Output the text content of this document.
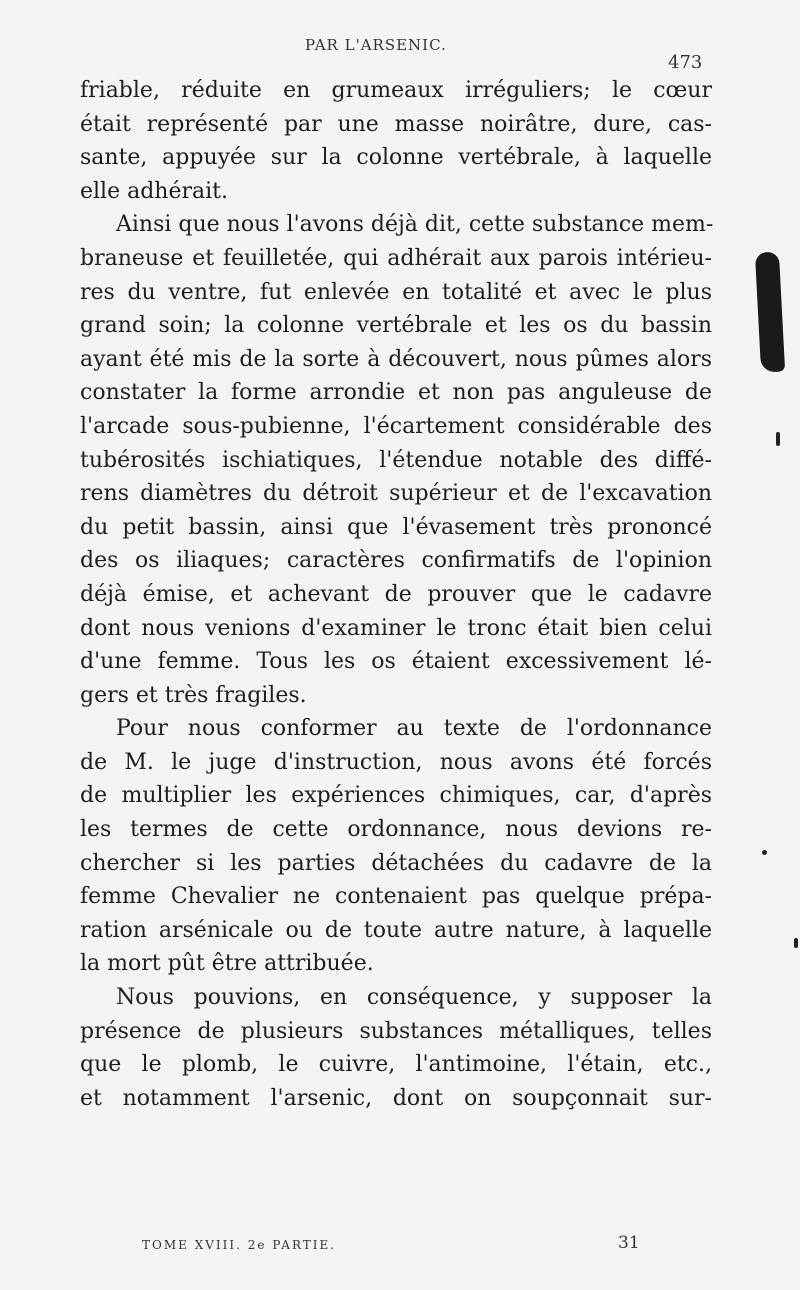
PAR L'ARSENIC.
473
friable, réduite en grumeaux irréguliers; le cœur
était représenté par une masse noirâtre, dure, cas-
sante, appuyée sur la colonne vertébrale, à laquelle
elle adhérait.
Ainsi que nous l'avons déjà dit, cette substance mem-
braneuse et feuilletée, qui adhérait aux parois intérieu-
res du ventre, fut enlevée en totalité et avec le plus
grand soin; la colonne vertébrale et les os du bassin
ayant été mis de la sorte à découvert, nous pûmes alors
constater la forme arrondie et non pas anguleuse de
l'arcade sous-pubienne, l'écartement considérable des
tubérosités ischiatiques, l'étendue notable des diffé-
rens diamètres du détroit supérieur et de l'excavation
du petit bassin, ainsi que l'évasement très prononcé
des os iliaques; caractères confirmatifs de l'opinion
déjà émise, et achevant de prouver que le cadavre
dont nous venions d'examiner le tronc était bien celui
d'une femme. Tous les os étaient excessivement lé-
gers et très fragiles.
Pour nous conformer au texte de l'ordonnance
de M. le juge d'instruction, nous avons été forcés
de multiplier les expériences chimiques, car, d'après
les termes de cette ordonnance, nous devions re-
chercher si les parties détachées du cadavre de la
femme Chevalier ne contenaient pas quelque prépa-
ration arsénicale ou de toute autre nature, à laquelle
la mort pût être attribuée.
Nous pouvions, en conséquence, y supposer la
présence de plusieurs substances métalliques, telles
que le plomb, le cuivre, l'antimoine, l'étain, etc.,
et notamment l'arsenic, dont on soupçonnait sur-
TOME XVIII. 2e PARTIE.	31
